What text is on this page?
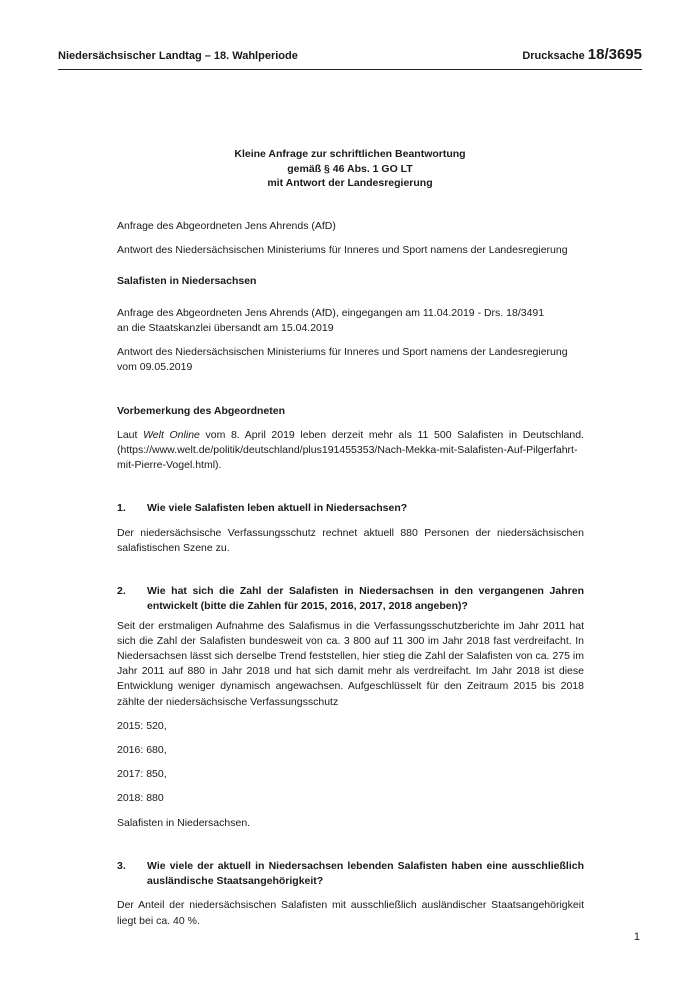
Niedersächsischer Landtag – 18. Wahlperiode	Drucksache 18/3695
Kleine Anfrage zur schriftlichen Beantwortung
gemäß § 46 Abs. 1 GO LT
mit Antwort der Landesregierung

Anfrage des Abgeordneten Jens Ahrends (AfD)

Antwort des Niedersächsischen Ministeriums für Inneres und Sport namens der Landesregierung

Salafisten in Niedersachsen

Anfrage des Abgeordneten Jens Ahrends (AfD), eingegangen am 11.04.2019 - Drs. 18/3491
an die Staatskanzlei übersandt am 15.04.2019

Antwort des Niedersächsischen Ministeriums für Inneres und Sport namens der Landesregierung
vom 09.05.2019

Vorbemerkung des Abgeordneten

Laut Welt Online vom 8. April 2019 leben derzeit mehr als 11 500 Salafisten in Deutschland. (https://www.welt.de/politik/deutschland/plus191455353/Nach-Mekka-mit-Salafisten-Auf-Pilgerfahrt-mit-Pierre-Vogel.html).

1.	Wie viele Salafisten leben aktuell in Niedersachsen?

Der niedersächsische Verfassungsschutz rechnet aktuell 880 Personen der niedersächsischen salafistischen Szene zu.

2.	Wie hat sich die Zahl der Salafisten in Niedersachsen in den vergangenen Jahren entwickelt (bitte die Zahlen für 2015, 2016, 2017, 2018 angeben)?

Seit der erstmaligen Aufnahme des Salafismus in die Verfassungsschutzberichte im Jahr 2011 hat sich die Zahl der Salafisten bundesweit von ca. 3 800 auf 11 300 im Jahr 2018 fast verdreifacht. In Niedersachsen lässt sich derselbe Trend feststellen, hier stieg die Zahl der Salafisten von ca. 275 im Jahr 2011 auf 880 in Jahr 2018 und hat sich damit mehr als verdreifacht. Im Jahr 2018 ist diese Entwicklung weniger dynamisch angewachsen. Aufgeschlüsselt für den Zeitraum 2015 bis 2018 zählte der niedersächsische Verfassungsschutz

2015: 520,

2016: 680,

2017: 850,

2018: 880

Salafisten in Niedersachsen.

3.	Wie viele der aktuell in Niedersachsen lebenden Salafisten haben eine ausschließlich ausländische Staatsangehörigkeit?

Der Anteil der niedersächsischen Salafisten mit ausschließlich ausländischer Staatsangehörigkeit liegt bei ca. 40 %.

1
